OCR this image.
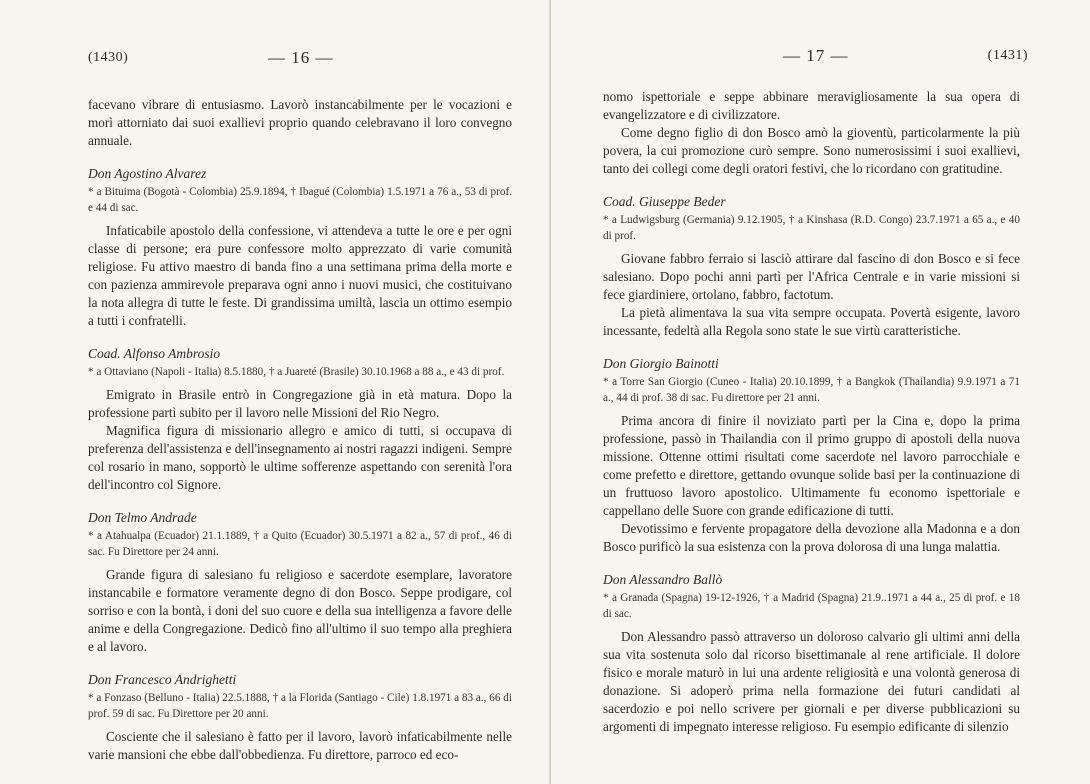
(1430)	— 16 —

facevano vibrare di entusiasmo. Lavorò instancabilmente per le vocazioni e morì attorniato dai suoi exallievi proprio quando celebravano il loro convegno annuale.

Don Agostino Alvarez
* a Bituima (Bogotà - Colombia) 25.9.1894, † Ibagué (Colombia) 1.5.1971 a 76 a., 53 di prof. e 44 di sac.

Infaticabile apostolo della confessione, vi attendeva a tutte le ore e per ogni classe di persone; era pure confessore molto apprezzato di varie comunità religiose. Fu attivo maestro di banda fino a una settimana prima della morte e con pazienza ammirevole preparava ogni anno i nuovi musici, che costituivano la nota allegra di tutte le feste. Di grandissima umiltà, lascia un ottimo esempio a tutti i confratelli.

Coad. Alfonso Ambrosio
* a Ottaviano (Napoli - Italia) 8.5.1880, † a Juareté (Brasile) 30.10.1968 a 88 a., e 43 di prof.

Emigrato in Brasile entrò in Congregazione già in età matura. Dopo la professione partì subito per il lavoro nelle Missioni del Rio Negro.

Magnifica figura di missionario allegro e amico di tutti, si occupava di preferenza dell'assistenza e dell'insegnamento ai nostri ragazzi indigeni. Sempre col rosario in mano, sopportò le ultime sofferenze aspettando con serenità l'ora dell'incontro col Signore.

Don Telmo Andrade
* a Atahualpa (Ecuador) 21.1.1889, † a Quito (Ecuador) 30.5.1971 a 82 a., 57 di prof., 46 di sac. Fu Direttore per 24 anni.

Grande figura di salesiano fu religioso e sacerdote esemplare, lavoratore instancabile e formatore veramente degno di don Bosco. Seppe prodigare, col sorriso e con la bontà, i doni del suo cuore e della sua intelligenza a favore delle anime e della Congregazione. Dedicò fino all'ultimo il suo tempo alla preghiera e al lavoro.

Don Francesco Andrighetti
* a Fonzaso (Belluno - Italia) 22.5.1888, † a la Florida (Santiago - Cile) 1.8.1971 a 83 a., 66 di prof. 59 di sac. Fu Direttore per 20 anni.

Cosciente che il salesiano è fatto per il lavoro, lavorò infaticabilmente nelle varie mansioni che ebbe dall'obbedienza. Fu direttore, parroco ed eco-

— 17 —	(1431)

nomo ispettoriale e seppe abbinare meravigliosamente la sua opera di evangelizzatore e di civilizzatore.

Come degno figlio di don Bosco amò la gioventù, particolarmente la più povera, la cui promozione curò sempre. Sono numerosissimi i suoi exallievi, tanto dei collegi come degli oratori festivi, che lo ricordano con gratitudine.

Coad. Giuseppe Beder
* a Ludwigsburg (Germania) 9.12.1905, † a Kinshasa (R.D. Congo) 23.7.1971 a 65 a., e 40 di prof.

Giovane fabbro ferraio si lasciò attirare dal fascino di don Bosco e si fece salesiano. Dopo pochi anni partì per l'Africa Centrale e in varie missioni si fece giardiniere, ortolano, fabbro, factotum.

La pietà alimentava la sua vita sempre occupata. Povertà esigente, lavoro incessante, fedeltà alla Regola sono state le sue virtù caratteristiche.

Don Giorgio Bainotti
* a Torre San Giorgio (Cuneo - Italia) 20.10.1899, † a Bangkok (Thailandia) 9.9.1971 a 71 a., 44 di prof. 38 di sac. Fu direttore per 21 anni.

Prima ancora di finire il noviziato partì per la Cina e, dopo la prima professione, passò in Thailandia con il primo gruppo di apostoli della nuova missione. Ottenne ottimi risultati come sacerdote nel lavoro parrocchiale e come prefetto e direttore, gettando ovunque solide basi per la continuazione di un fruttuoso lavoro apostolico. Ultimamente fu economo ispettoriale e cappellano delle Suore con grande edificazione di tutti.

Devotissimo e fervente propagatore della devozione alla Madonna e a don Bosco purificò la sua esistenza con la prova dolorosa di una lunga malattia.

Don Alessandro Ballò
* a Granada (Spagna) 19-12-1926, † a Madrid (Spagna) 21.9..1971 a 44 a., 25 di prof. e 18 di sac.

Don Alessandro passò attraverso un doloroso calvario gli ultimi anni della sua vita sostenuta solo dal ricorso bisettimanale al rene artificiale. Il dolore fisico e morale maturò in lui una ardente religiosità e una volontà generosa di donazione. Si adoperò prima nella formazione dei futuri candidati al sacerdozio e poi nello scrivere per giornali e per diverse pubblicazioni su argomenti di impegnato interesse religioso. Fu esempio edificante di silenzio
